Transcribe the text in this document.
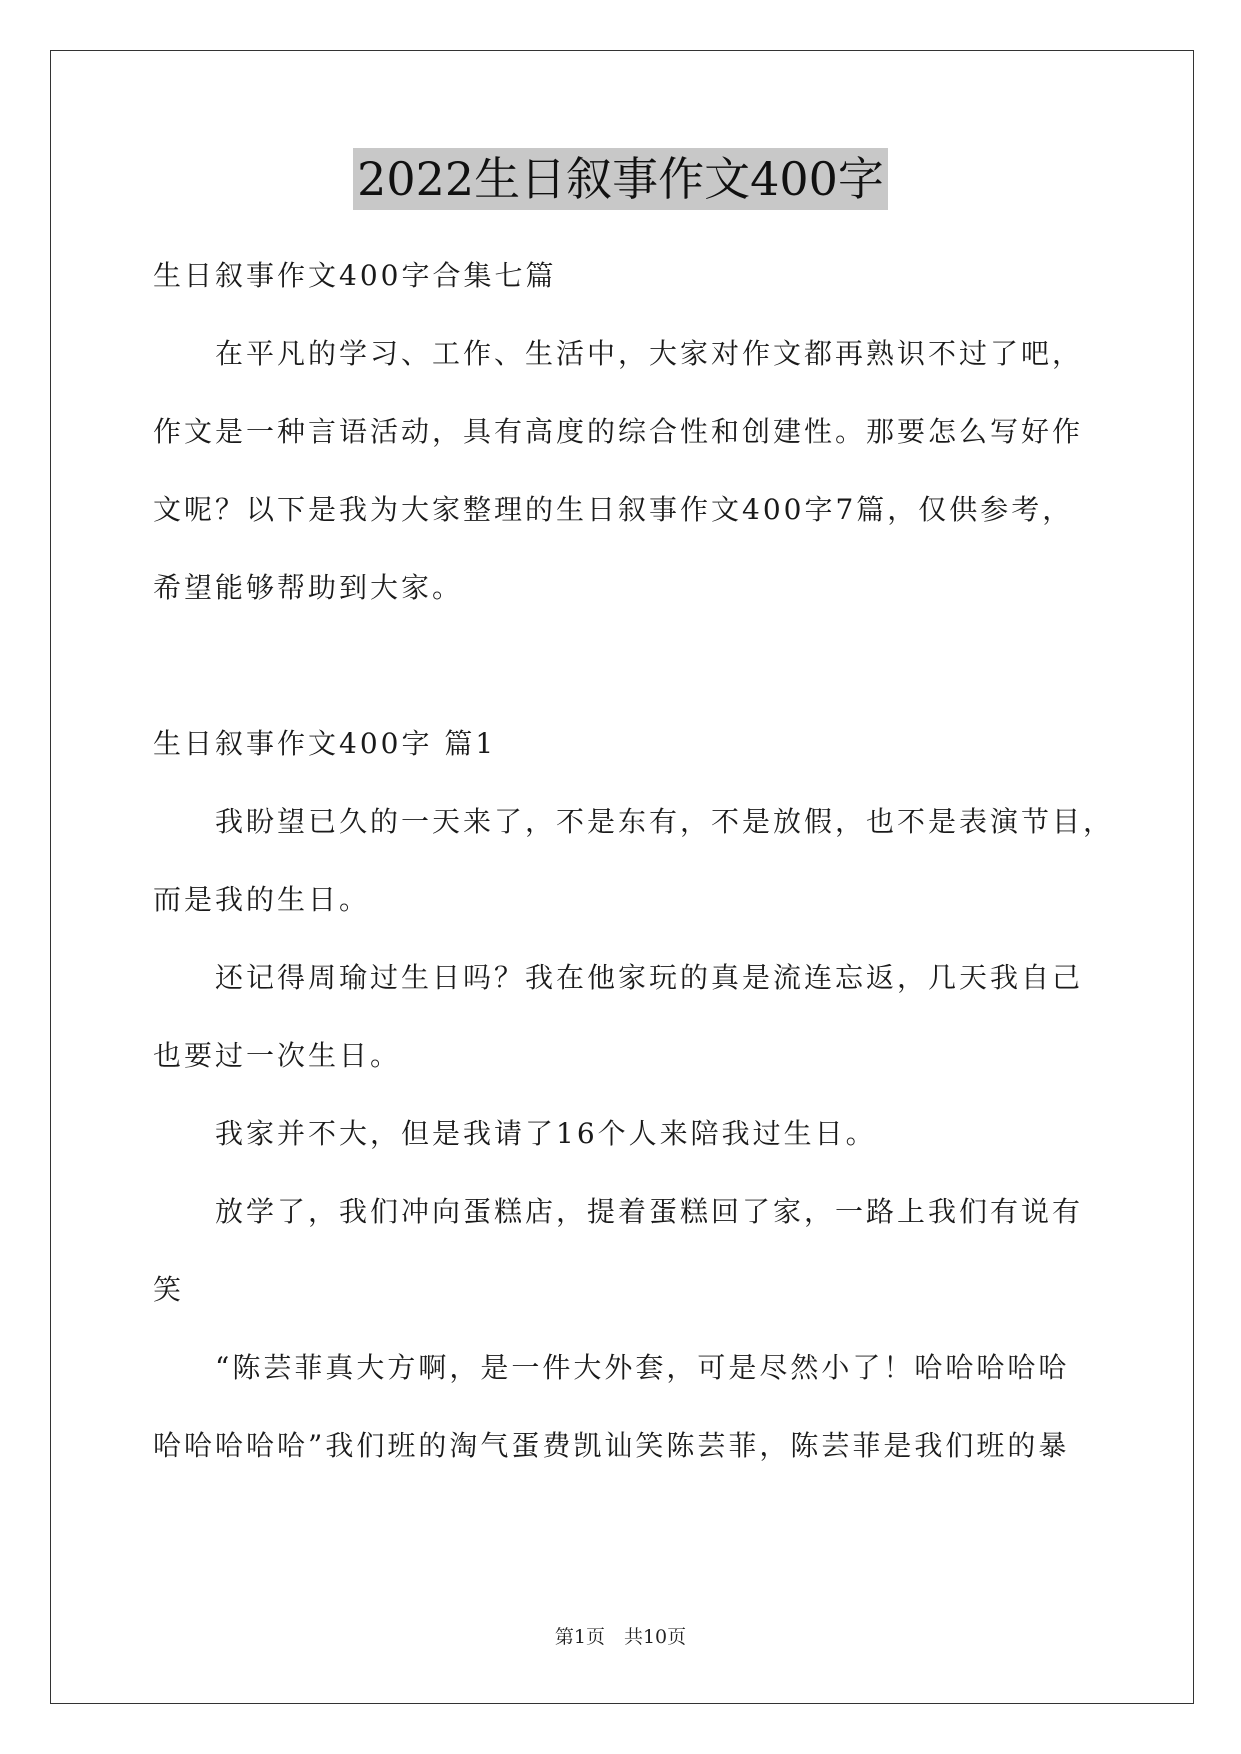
2022生日叙事作文400字
生日叙事作文400字合集七篇
在平凡的学习、工作、生活中，大家对作文都再熟识不过了吧，
作文是一种言语活动，具有高度的综合性和创建性。那要怎么写好作
文呢？以下是我为大家整理的生日叙事作文400字7篇，仅供参考，
希望能够帮助到大家。
生日叙事作文400字 篇1
我盼望已久的一天来了，不是东有，不是放假，也不是表演节目，
而是我的生日。
还记得周瑜过生日吗？我在他家玩的真是流连忘返，几天我自己
也要过一次生日。
我家并不大，但是我请了16个人来陪我过生日。
放学了，我们冲向蛋糕店，提着蛋糕回了家，一路上我们有说有
笑
“陈芸菲真大方啊，是一件大外套，可是尽然小了！哈哈哈哈哈
哈哈哈哈哈”我们班的淘气蛋费凯讪笑陈芸菲，陈芸菲是我们班的暴
第1页　共10页
